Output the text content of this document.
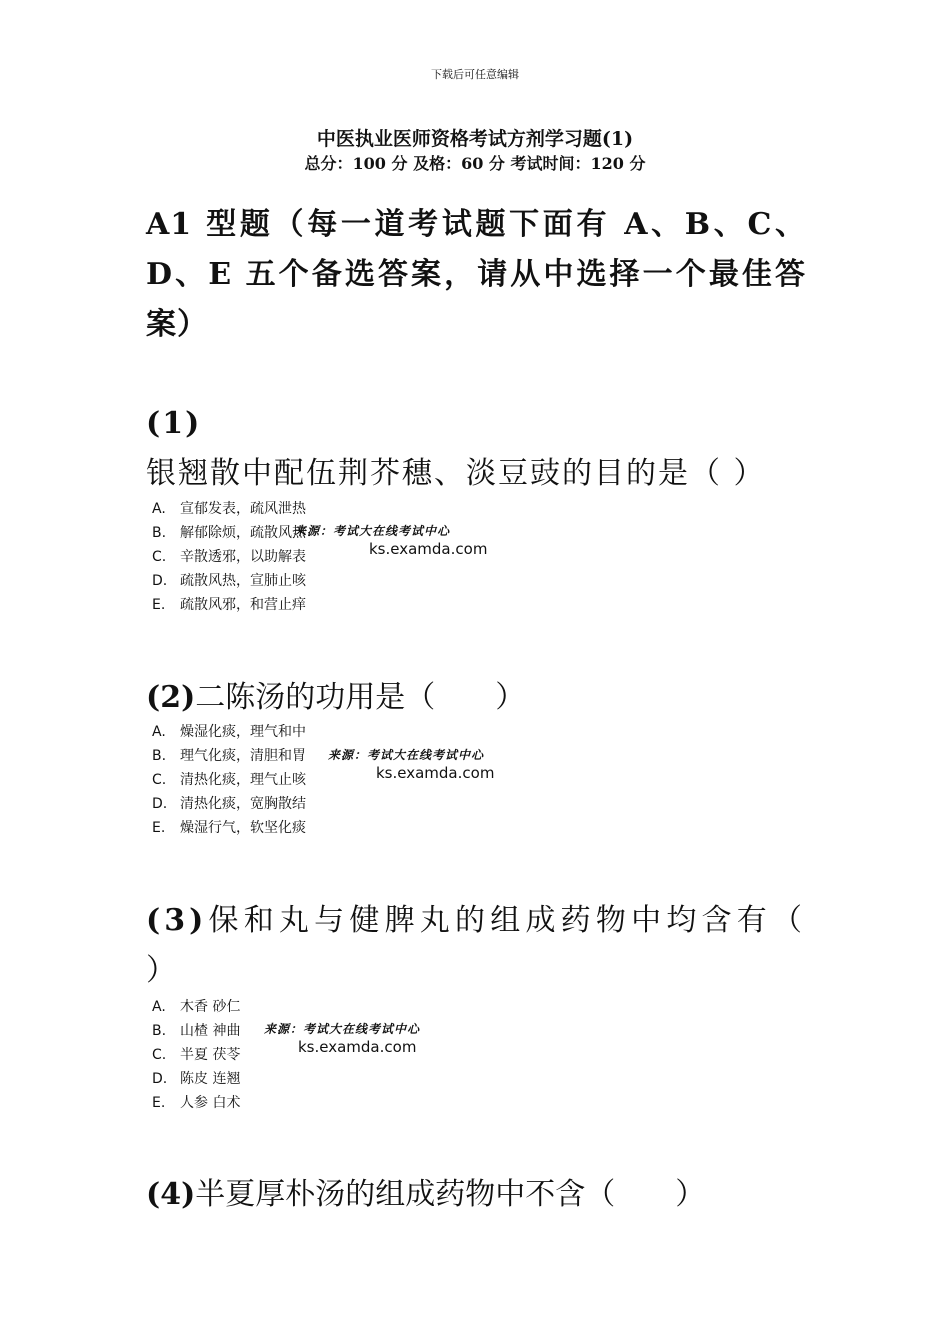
下载后可任意编辑
中医执业医师资格考试方剂学习题(1)
总分：100 分 及格：60 分 考试时间：120 分
A1 型题（每一道考试题下面有 A、B、C、D、E 五个备选答案，请从中选择一个最佳答案）
(1)银翘散中配伍荆芥穗、淡豆豉的目的是（ ）
A. 宣郁发表，疏风泄热
B. 解郁除烦，疏散风热
C. 辛散透邪，以助解表
D. 疏散风热，宣肺止咳
E. 疏散风邪，和营止痒
来源：考试大在线考试中心
ks.examda.com
(2)二陈汤的功用是（　　）
A. 燥湿化痰，理气和中
B. 理气化痰，清胆和胃
C. 清热化痰，理气止咳
D. 清热化痰，宽胸散结
E. 燥湿行气，软坚化痰
来源：考试大在线考试中心
ks.examda.com
(3)保和丸与健脾丸的组成药物中均含有（ ）
A. 木香 砂仁
B. 山楂 神曲
C. 半夏 茯苓
D. 陈皮 连翘
E. 人参 白术
来源：考试大在线考试中心
ks.examda.com
(4)半夏厚朴汤的组成药物中不含（　　）
